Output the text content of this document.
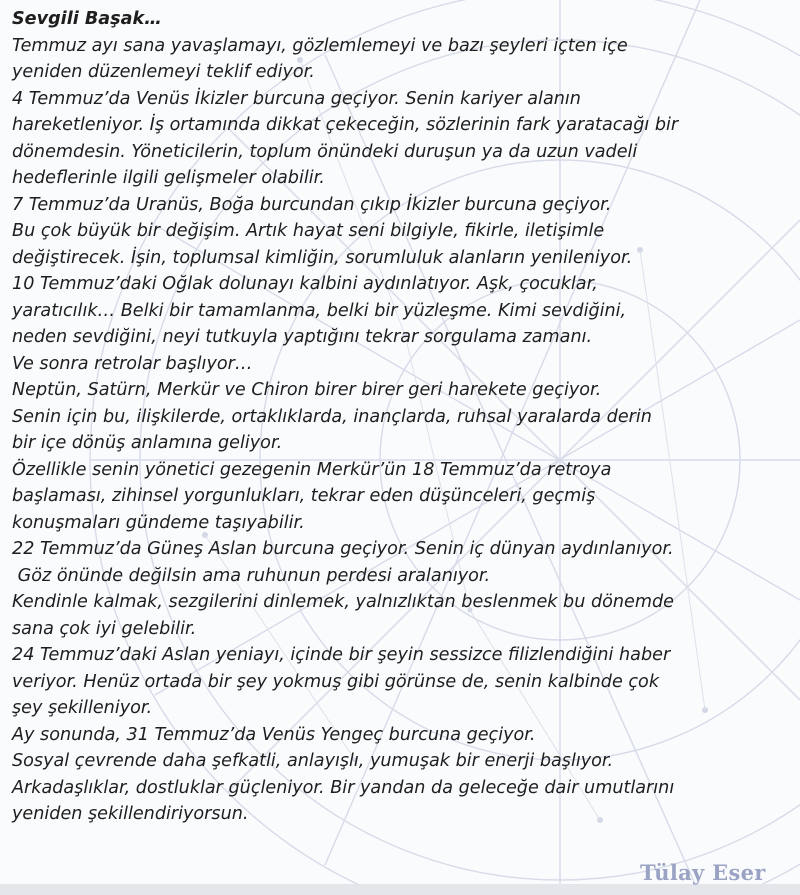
Sevgili Başak…
Temmuz ayı sana yavaşlamayı, gözlemlemeyi ve bazı şeyleri içten içe
yeniden düzenlemeyi teklif ediyor.
4 Temmuz’da Venüs İkizler burcuna geçiyor. Senin kariyer alanın
hareketleniyor. İş ortamında dikkat çekeceğin, sözlerinin fark yaratacağı bir
dönemdesin. Yöneticilerin, toplum önündeki duruşun ya da uzun vadeli
hedeflerinle ilgili gelişmeler olabilir.
7 Temmuz’da Uranüs, Boğa burcundan çıkıp İkizler burcuna geçiyor.
Bu çok büyük bir değişim. Artık hayat seni bilgiyle, fikirle, iletişimle
değiştirecek. İşin, toplumsal kimliğin, sorumluluk alanların yenileniyor.
10 Temmuz’daki Oğlak dolunayı kalbini aydınlatıyor. Aşk, çocuklar,
yaratıcılık… Belki bir tamamlanma, belki bir yüzleşme. Kimi sevdiğini,
neden sevdiğini, neyi tutkuyla yaptığını tekrar sorgulama zamanı.
Ve sonra retrolar başlıyor…
Neptün, Satürn, Merkür ve Chiron birer birer geri harekete geçiyor.
Senin için bu, ilişkilerde, ortaklıklarda, inançlarda, ruhsal yaralarda derin
bir içe dönüş anlamına geliyor.
Özellikle senin yönetici gezegenin Merkür’ün 18 Temmuz’da retroya
başlaması, zihinsel yorgunlukları, tekrar eden düşünceleri, geçmiş
konuşmaları gündeme taşıyabilir.
22 Temmuz’da Güneş Aslan burcuna geçiyor. Senin iç dünyan aydınlanıyor.
Göz önünde değilsin ama ruhunun perdesi aralanıyor.
Kendinle kalmak, sezgilerini dinlemek, yalnızlıktan beslenmek bu dönemde
sana çok iyi gelebilir.
24 Temmuz’daki Aslan yeniayı, içinde bir şeyin sessizce filizlendiğini haber
veriyor. Henüz ortada bir şey yokmuş gibi görünse de, senin kalbinde çok
şey şekilleniyor.
Ay sonunda, 31 Temmuz’da Venüs Yengeç burcuna geçiyor.
Sosyal çevrende daha şefkatli, anlayışlı, yumuşak bir enerji başlıyor.
Arkadaşlıklar, dostluklar güçleniyor. Bir yandan da geleceğe dair umutlarını
yeniden şekillendiriyorsun.
Tülay Eser
